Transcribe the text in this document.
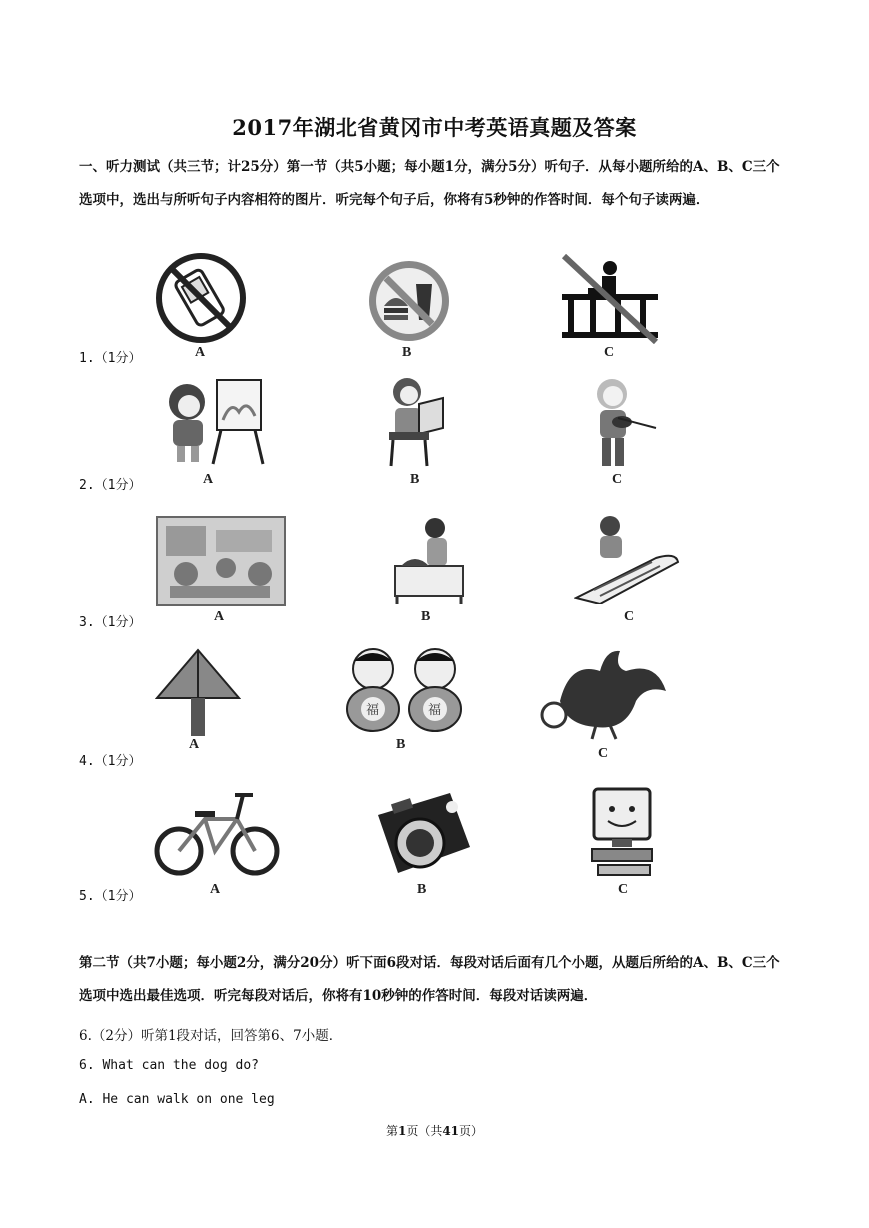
2017年湖北省黄冈市中考英语真题及答案
一、听力测试（共三节；计25分）第一节（共5小题；每小题1分，满分5分）听句子．从每小题所给的A、B、C三个选项中，选出与所听句子内容相符的图片．听完每个句子后，你将有5秒钟的作答时间．每个句子读两遍．
A	B	C
1.（1分）
A	B	C
2.（1分）
A	B	C
3.（1分）
A
福	福
B
C
4.（1分）
A	B	C
5.（1分）
第二节（共7小题；每小题2分，满分20分）听下面6段对话．每段对话后面有几个小题，从题后所给的A、B、C三个选项中选出最佳选项．听完每段对话后，你将有10秒钟的作答时间．每段对话读两遍．
6.（2分）听第1段对话，回答第6、7小题．
6. What can the dog do?
A. He can walk on one leg
第1页（共41页）
